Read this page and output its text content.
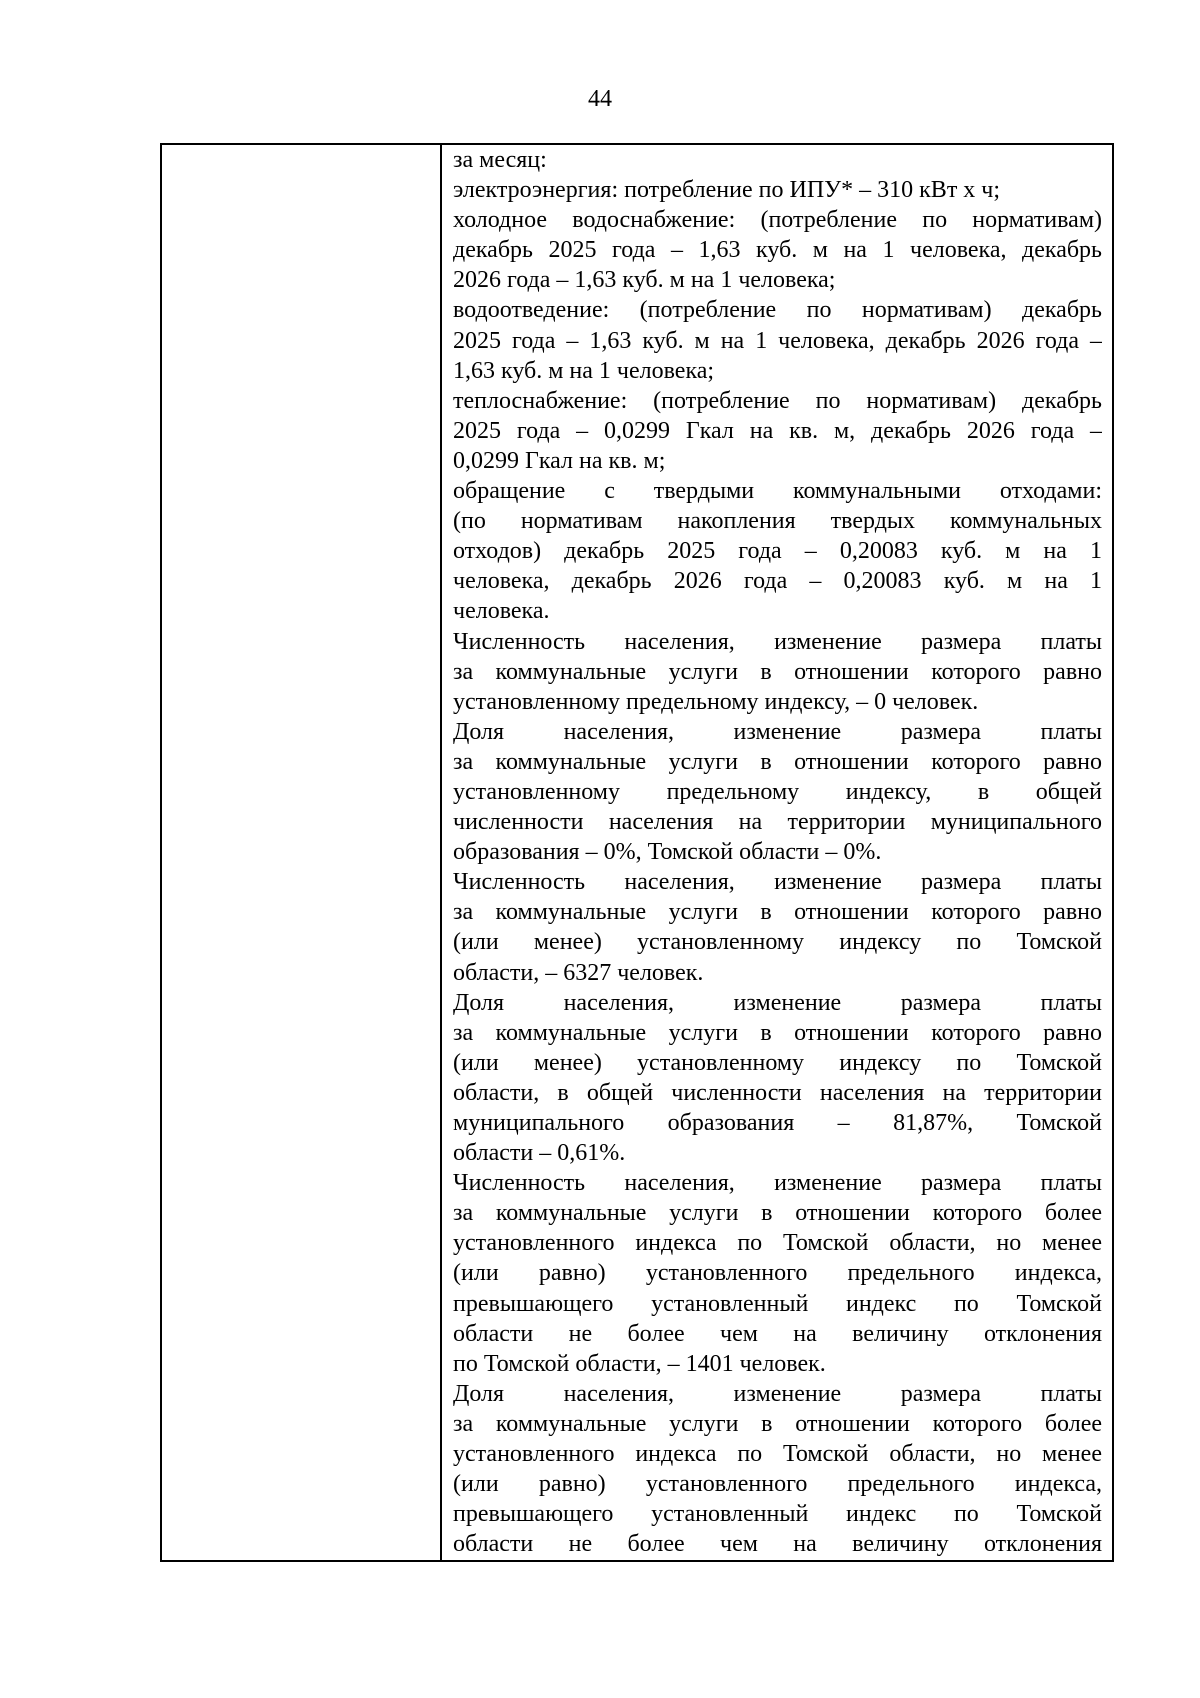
44
за месяц:
электроэнергия: потребление по ИПУ* – 310 кВт х ч;
холодное водоснабжение: (потребление по нормативам)
декабрь 2025 года – 1,63 куб. м на 1 человека, декабрь
2026 года – 1,63 куб. м на 1 человека;
водоотведение: (потребление по нормативам) декабрь
2025 года – 1,63 куб. м на 1 человека, декабрь 2026 года –
1,63 куб. м на 1 человека;
теплоснабжение: (потребление по нормативам) декабрь
2025 года – 0,0299 Гкал на кв. м, декабрь 2026 года –
0,0299 Гкал на кв. м;
обращение с твердыми коммунальными отходами:
(по нормативам накопления твердых коммунальных
отходов) декабрь 2025 года – 0,20083 куб. м на 1
человека, декабрь 2026 года – 0,20083 куб. м на 1
человека.
Численность населения, изменение размера платы
за коммунальные услуги в отношении которого равно
установленному предельному индексу, – 0 человек.
Доля населения, изменение размера платы
за коммунальные услуги в отношении которого равно
установленному предельному индексу, в общей
численности населения на территории муниципального
образования – 0%, Томской области – 0%.
Численность населения, изменение размера платы
за коммунальные услуги в отношении которого равно
(или менее) установленному индексу по Томской
области, – 6327 человек.
Доля населения, изменение размера платы
за коммунальные услуги в отношении которого равно
(или менее) установленному индексу по Томской
области, в общей численности населения на территории
муниципального образования – 81,87%, Томской
области – 0,61%.
Численность населения, изменение размера платы
за коммунальные услуги в отношении которого более
установленного индекса по Томской области, но менее
(или равно) установленного предельного индекса,
превышающего установленный индекс по Томской
области не более чем на величину отклонения
по Томской области, – 1401 человек.
Доля населения, изменение размера платы
за коммунальные услуги в отношении которого более
установленного индекса по Томской области, но менее
(или равно) установленного предельного индекса,
превышающего установленный индекс по Томской
области не более чем на величину отклонения
